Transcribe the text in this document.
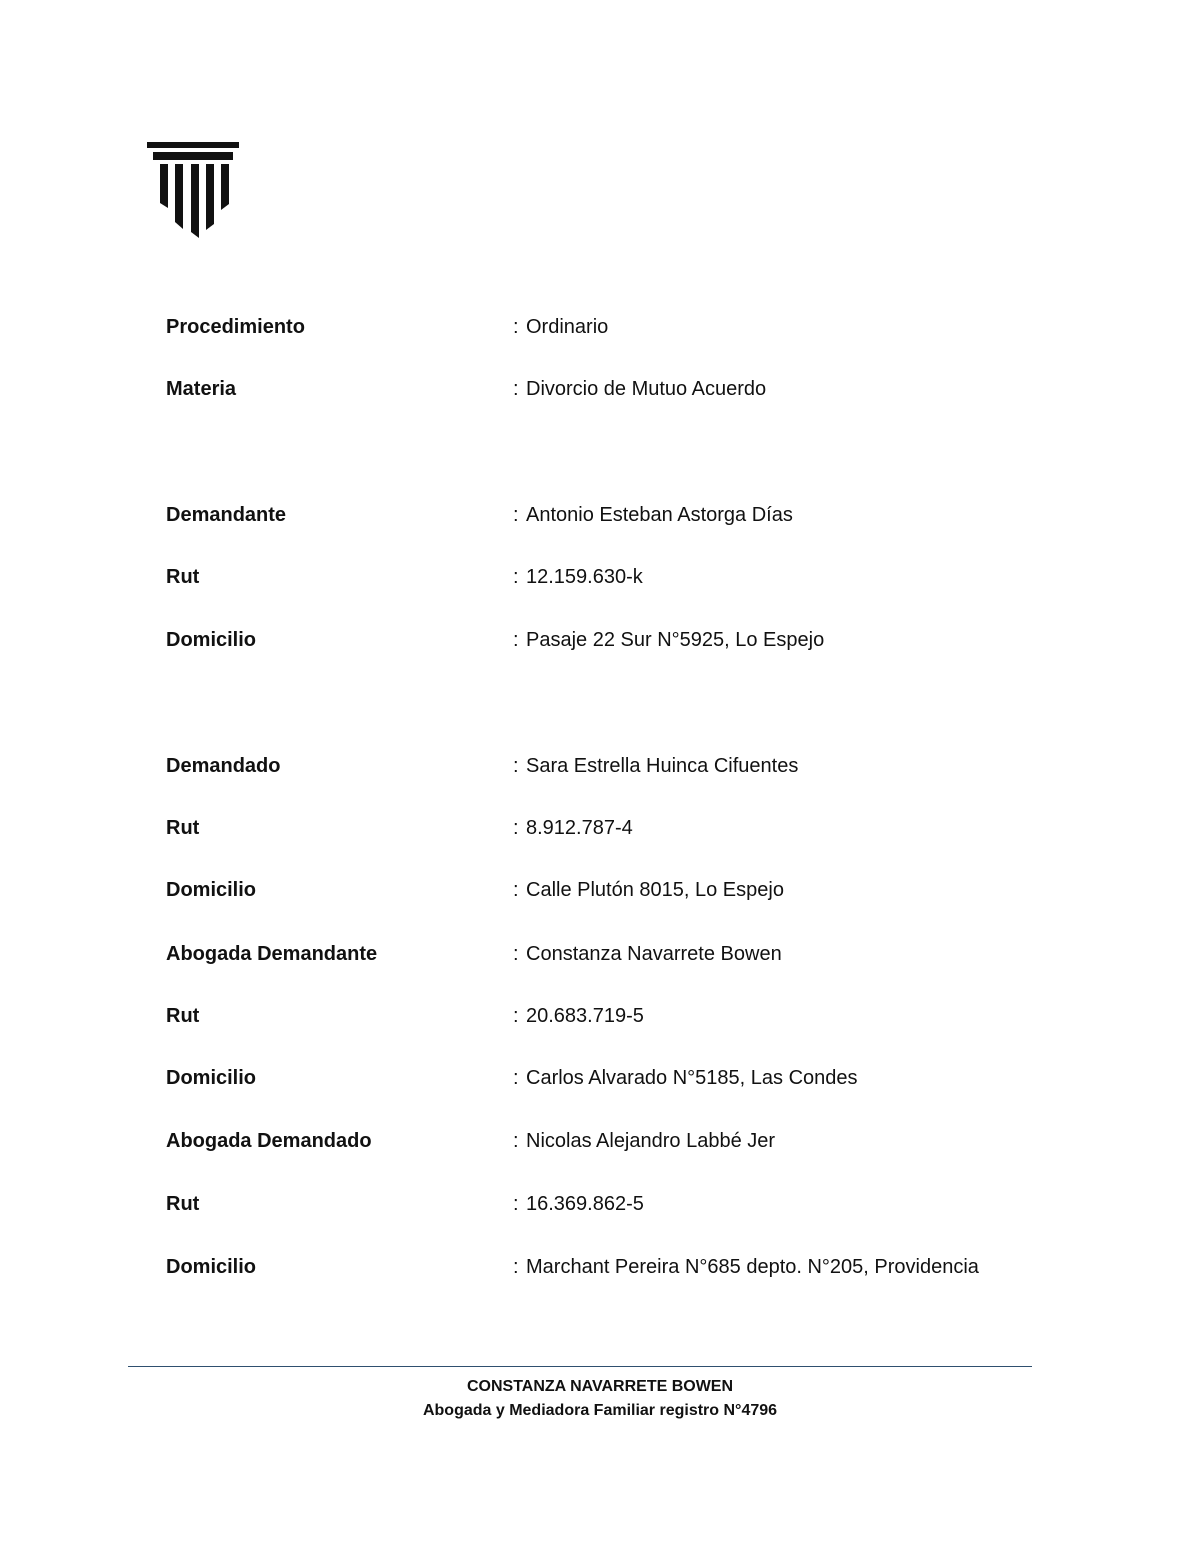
Procedimiento	: Ordinario
Materia	: Divorcio de Mutuo Acuerdo
Demandante	: Antonio Esteban Astorga Días
Rut	: 12.159.630-k
Domicilio	: Pasaje 22 Sur N°5925, Lo Espejo
Demandado	: Sara Estrella Huinca Cifuentes
Rut	: 8.912.787-4
Domicilio	: Calle Plutón 8015, Lo Espejo
Abogada Demandante	: Constanza Navarrete Bowen
Rut	: 20.683.719-5
Domicilio	: Carlos Alvarado N°5185, Las Condes
Abogada Demandado	: Nicolas Alejandro Labbé Jer
Rut	: 16.369.862-5
Domicilio	: Marchant Pereira N°685 depto. N°205, Providencia
CONSTANZA NAVARRETE BOWEN
Abogada y Mediadora Familiar registro N°4796
